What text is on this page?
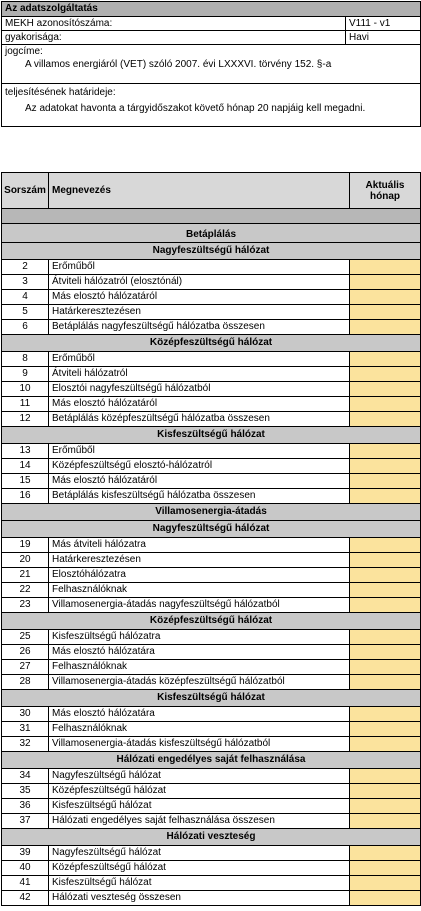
Az adatszolgáltatás
MEKH azonosítószáma:	V111 - v1
gyakorisága:	Havi
jogcíme:
A villamos energiáról (VET) szóló 2007. évi LXXXVI. törvény 152. §-a
teljesítésének határideje:
Az adatokat havonta a tárgyidőszakot követő hónap 20 napjáig kell megadni.
Sorszám Megnevezés	Aktuális hónap
Betáplálás
Nagyfeszültségű hálózat
2	Erőműből
3	Átviteli hálózatról (elosztónál)
4	Más elosztó hálózatáról
5	Határkeresztezésen
6	Betáplálás nagyfeszültségű hálózatba összesen
Középfeszültségű hálózat
8	Erőműből
9	Átviteli hálózatról
10	Elosztói nagyfeszültségű hálózatból
11	Más elosztó hálózatáról
12	Betáplálás középfeszültségű hálózatba összesen
Kisfeszültségű hálózat
13	Erőműből
14	Középfeszültségű elosztó-hálózatról
15	Más elosztó hálózatáról
16	Betáplálás kisfeszültségű hálózatba összesen
Villamosenergia-átadás
Nagyfeszültségű hálózat
19	Más átviteli hálózatra
20	Határkeresztezésen
21	Elosztóhálózatra
22	Felhasználóknak
23	Villamosenergia-átadás nagyfeszültségű hálózatból
Középfeszültségű hálózat
25	Kisfeszültségű hálózatra
26	Más elosztó hálózatára
27	Felhasználóknak
28	Villamosenergia-átadás középfeszültségű hálózatból
Kisfeszültségű hálózat
30	Más elosztó hálózatára
31	Felhasználóknak
32	Villamosenergia-átadás kisfeszültségű hálózatból
Hálózati engedélyes saját felhasználása
34	Nagyfeszültségű hálózat
35	Középfeszültségű hálózat
36	Kisfeszültségű hálózat
37	Hálózati engedélyes saját felhasználása összesen
Hálózati veszteség
39	Nagyfeszültségű hálózat
40	Középfeszültségű hálózat
41	Kisfeszültségű hálózat
42	Hálózati veszteség összesen
